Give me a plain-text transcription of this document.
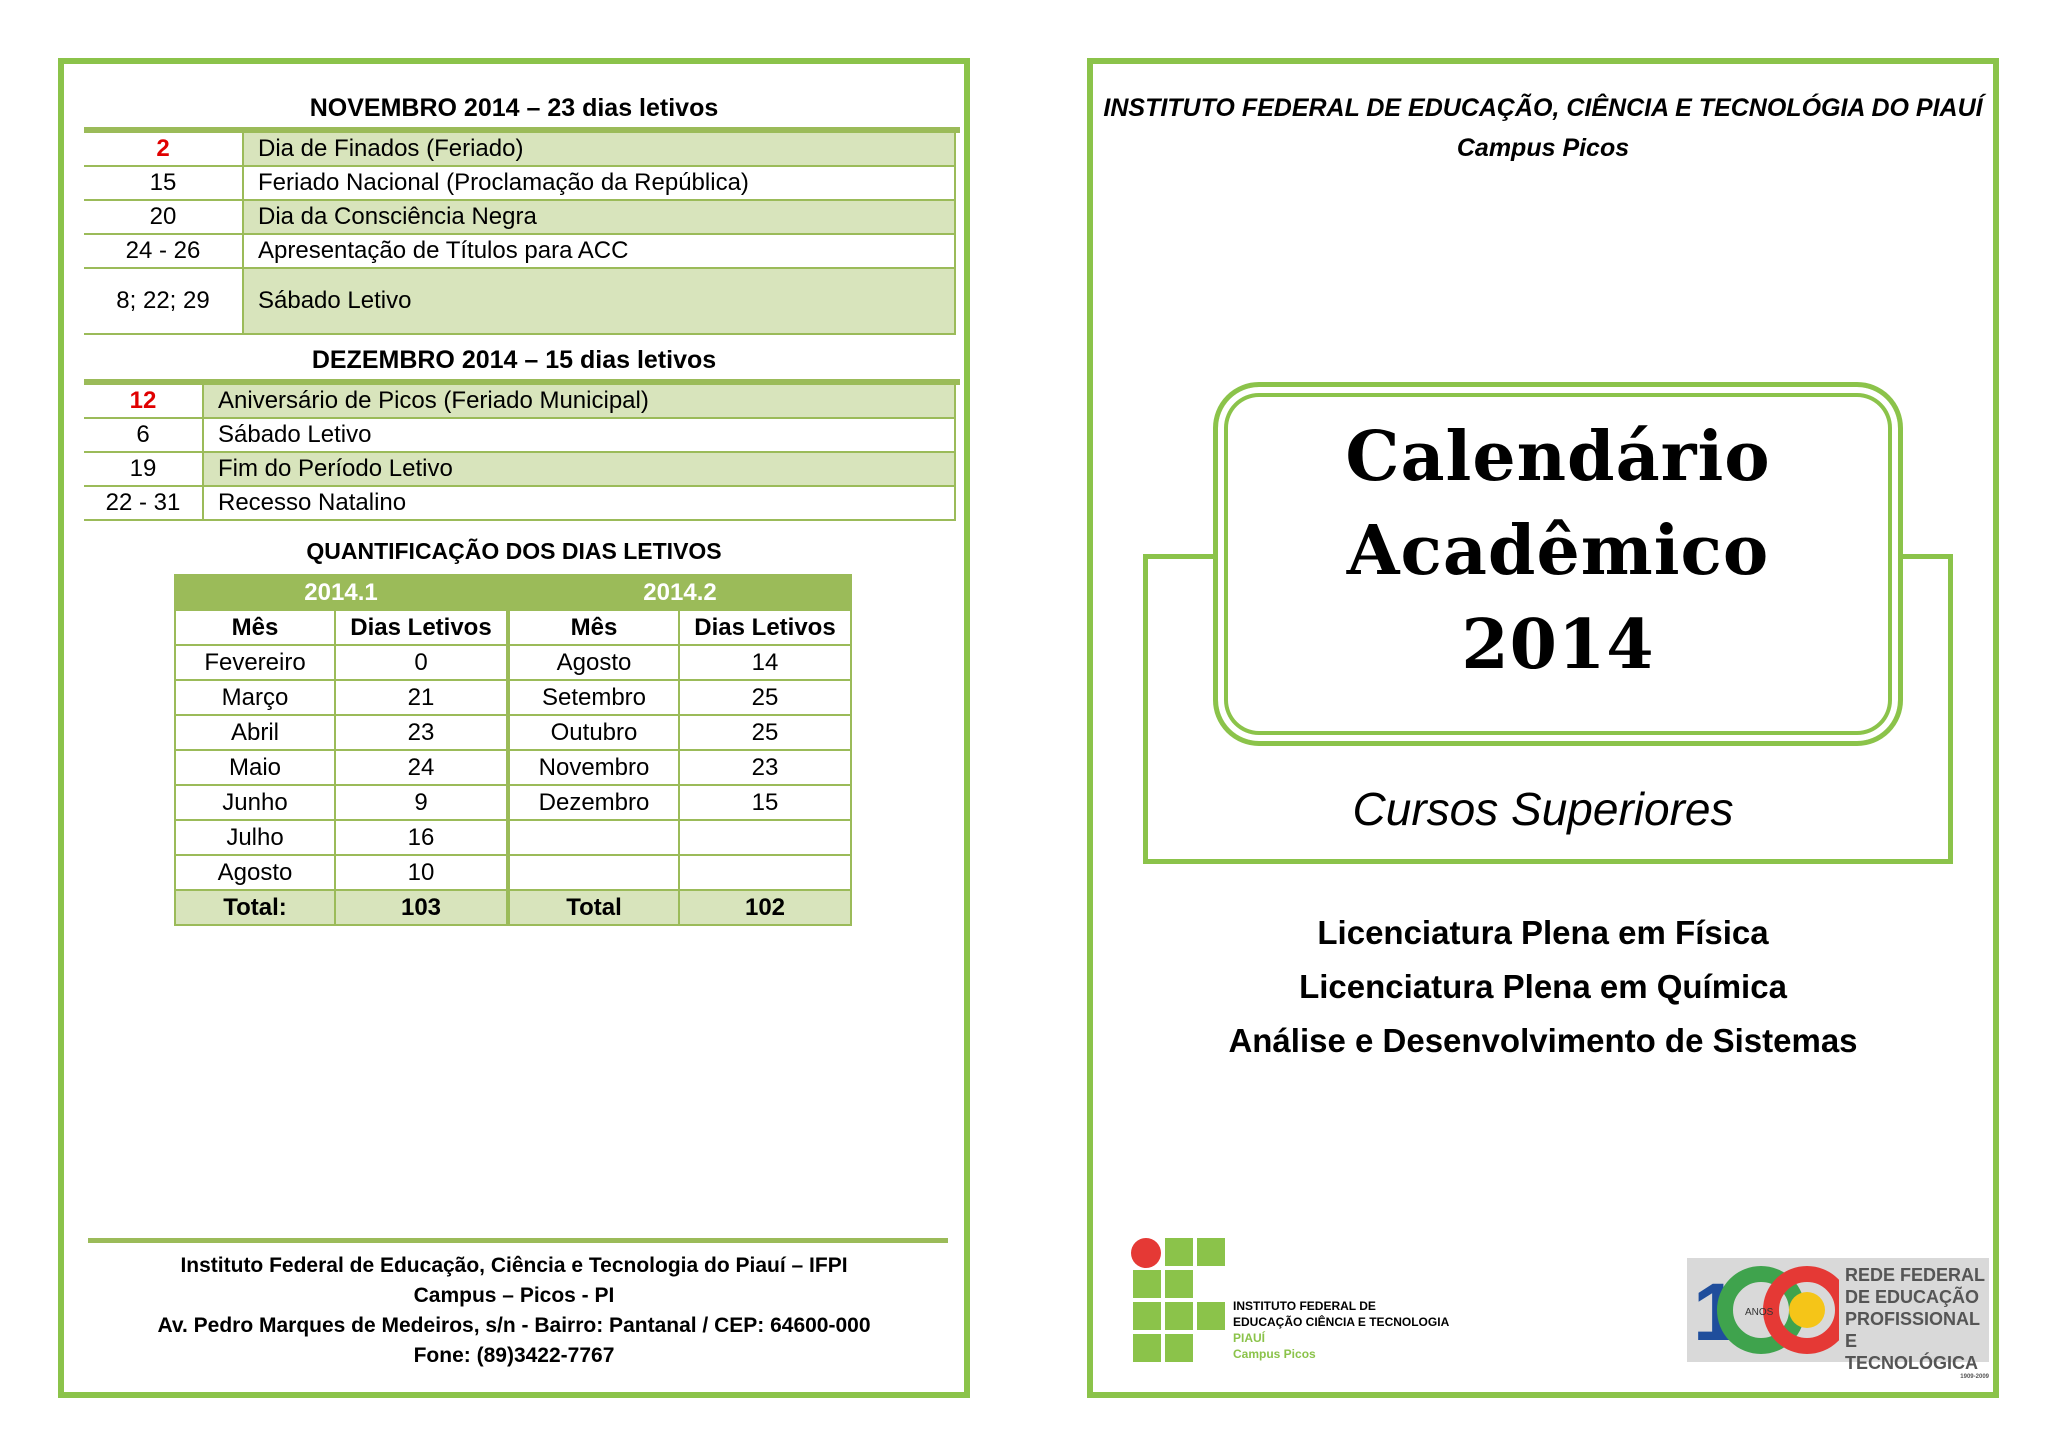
NOVEMBRO 2014 – 23 dias letivos
2	Dia de Finados (Feriado)
15	Feriado Nacional (Proclamação da República)
20	Dia da Consciência Negra
24 - 26	Apresentação de Títulos para ACC
8; 22; 29	Sábado Letivo
DEZEMBRO 2014 – 15 dias letivos
12	Aniversário de Picos (Feriado Municipal)
6	Sábado Letivo
19	Fim do Período Letivo
22 - 31	Recesso Natalino
QUANTIFICAÇÃO DOS DIAS LETIVOS
2014.1		2014.2	
Mês	Dias Letivos	Mês	Dias Letivos
Fevereiro	0	Agosto	14
Março	21	Setembro	25
Abril	23	Outubro	25
Maio	24	Novembro	23
Junho	9	Dezembro	15
Julho	16		
Agosto	10		
Total:	103	Total	102
Instituto Federal de Educação, Ciência e Tecnologia do Piauí – IFPI
Campus – Picos - PI
Av. Pedro Marques de Medeiros, s/n - Bairro: Pantanal / CEP: 64600-000
Fone: (89)3422-7767
INSTITUTO FEDERAL DE EDUCAÇÃO, CIÊNCIA E TECNOLÓGIA DO PIAUÍ
Campus Picos
Calendário
Acadêmico
2014
Cursos Superiores
Licenciatura Plena em Física
Licenciatura Plena em Química
Análise e Desenvolvimento de Sistemas
INSTITUTO FEDERAL DE
EDUCAÇÃO CIÊNCIA E TECNOLOGIA
PIAUÍ
Campus Picos	1 ANOS
REDE FEDERAL
DE EDUCAÇÃO
PROFISSIONAL
E TECNOLÓGICA
1909-2009
